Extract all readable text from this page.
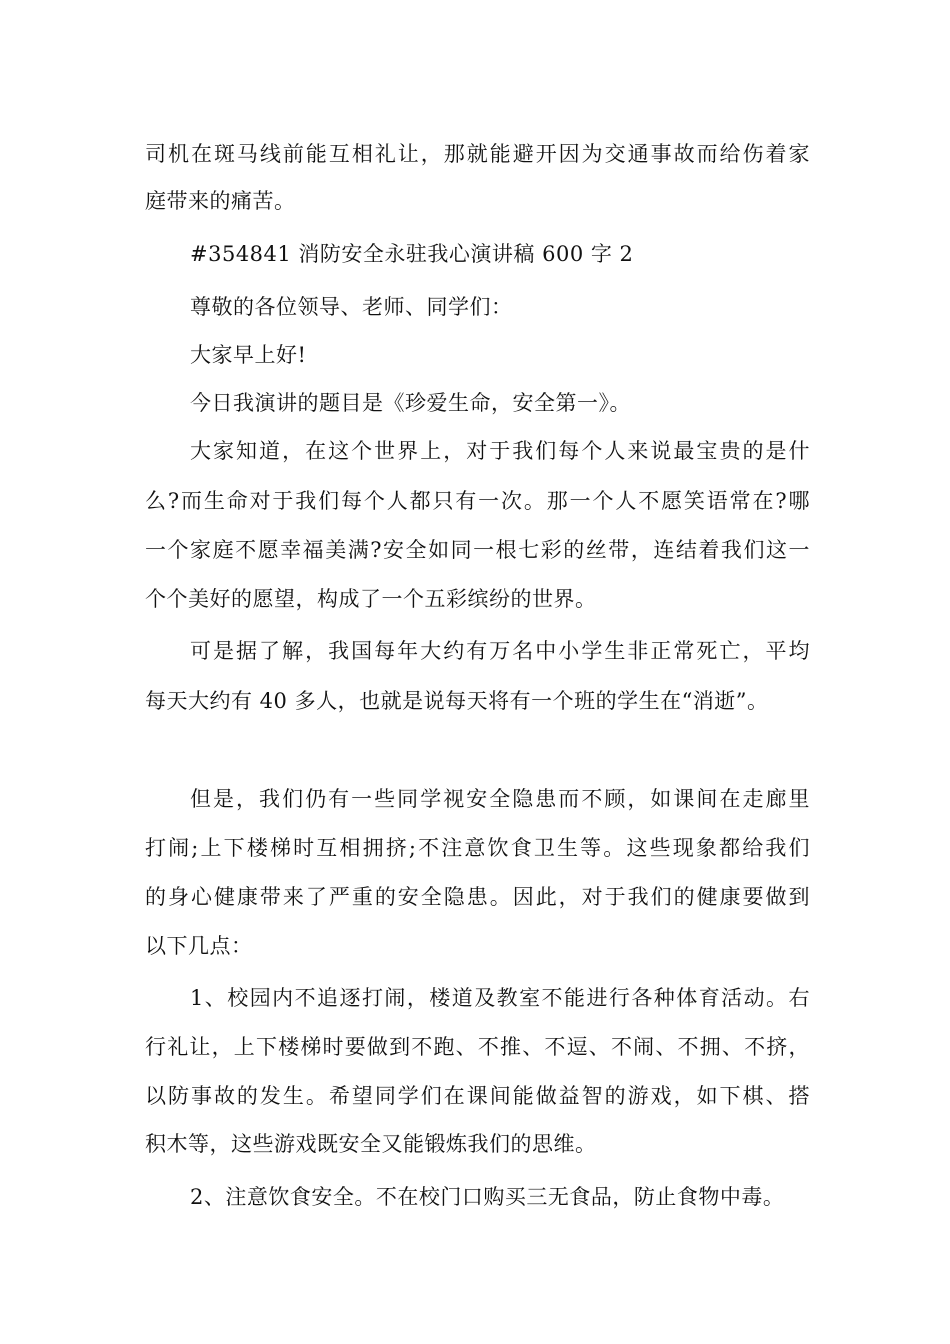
司机在斑马线前能互相礼让，那就能避开因为交通事故而给伤着家
庭带来的痛苦。
#354841 消防安全永驻我心演讲稿 600 字 2
尊敬的各位领导、老师、同学们：
大家早上好!
今日我演讲的题目是《珍爱生命，安全第一》。
大家知道，在这个世界上，对于我们每个人来说最宝贵的是什
么?而生命对于我们每个人都只有一次。那一个人不愿笑语常在?哪
一个家庭不愿幸福美满?安全如同一根七彩的丝带，连结着我们这一
个个美好的愿望，构成了一个五彩缤纷的世界。
可是据了解，我国每年大约有万名中小学生非正常死亡，平均
每天大约有 40 多人，也就是说每天将有一个班的学生在“消逝”。
但是，我们仍有一些同学视安全隐患而不顾，如课间在走廊里
打闹;上下楼梯时互相拥挤;不注意饮食卫生等。这些现象都给我们
的身心健康带来了严重的安全隐患。因此，对于我们的健康要做到
以下几点：
1、校园内不追逐打闹，楼道及教室不能进行各种体育活动。右
行礼让，上下楼梯时要做到不跑、不推、不逗、不闹、不拥、不挤，
以防事故的发生。希望同学们在课间能做益智的游戏，如下棋、搭
积木等，这些游戏既安全又能锻炼我们的思维。
2、注意饮食安全。不在校门口购买三无食品，防止食物中毒。
